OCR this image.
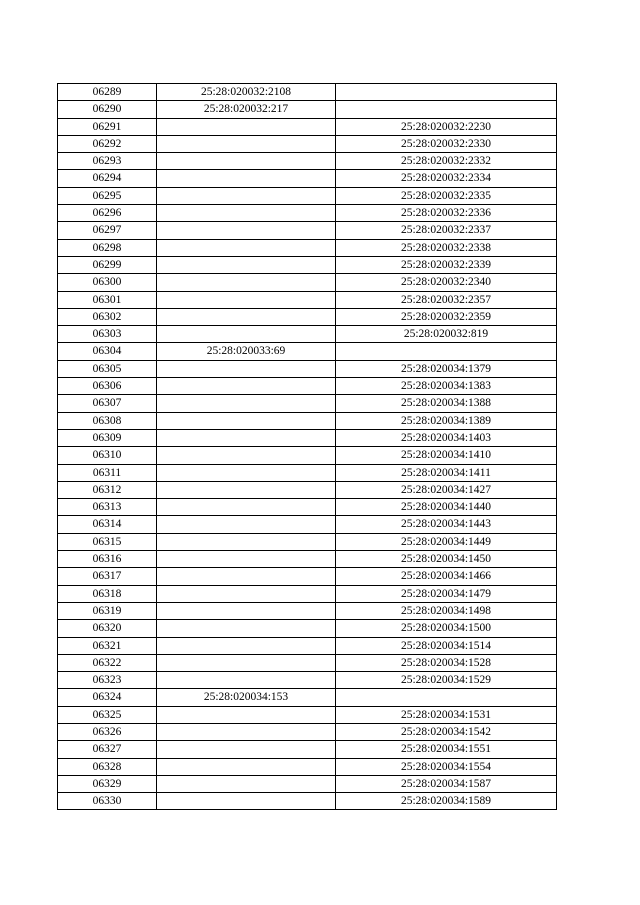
06289	25:28:020032:2108	
06290	25:28:020032:217	
06291		25:28:020032:2230
06292		25:28:020032:2330
06293		25:28:020032:2332
06294		25:28:020032:2334
06295		25:28:020032:2335
06296		25:28:020032:2336
06297		25:28:020032:2337
06298		25:28:020032:2338
06299		25:28:020032:2339
06300		25:28:020032:2340
06301		25:28:020032:2357
06302		25:28:020032:2359
06303		25:28:020032:819
06304	25:28:020033:69	
06305		25:28:020034:1379
06306		25:28:020034:1383
06307		25:28:020034:1388
06308		25:28:020034:1389
06309		25:28:020034:1403
06310		25:28:020034:1410
06311		25:28:020034:1411
06312		25:28:020034:1427
06313		25:28:020034:1440
06314		25:28:020034:1443
06315		25:28:020034:1449
06316		25:28:020034:1450
06317		25:28:020034:1466
06318		25:28:020034:1479
06319		25:28:020034:1498
06320		25:28:020034:1500
06321		25:28:020034:1514
06322		25:28:020034:1528
06323		25:28:020034:1529
06324	25:28:020034:153	
06325		25:28:020034:1531
06326		25:28:020034:1542
06327		25:28:020034:1551
06328		25:28:020034:1554
06329		25:28:020034:1587
06330		25:28:020034:1589
